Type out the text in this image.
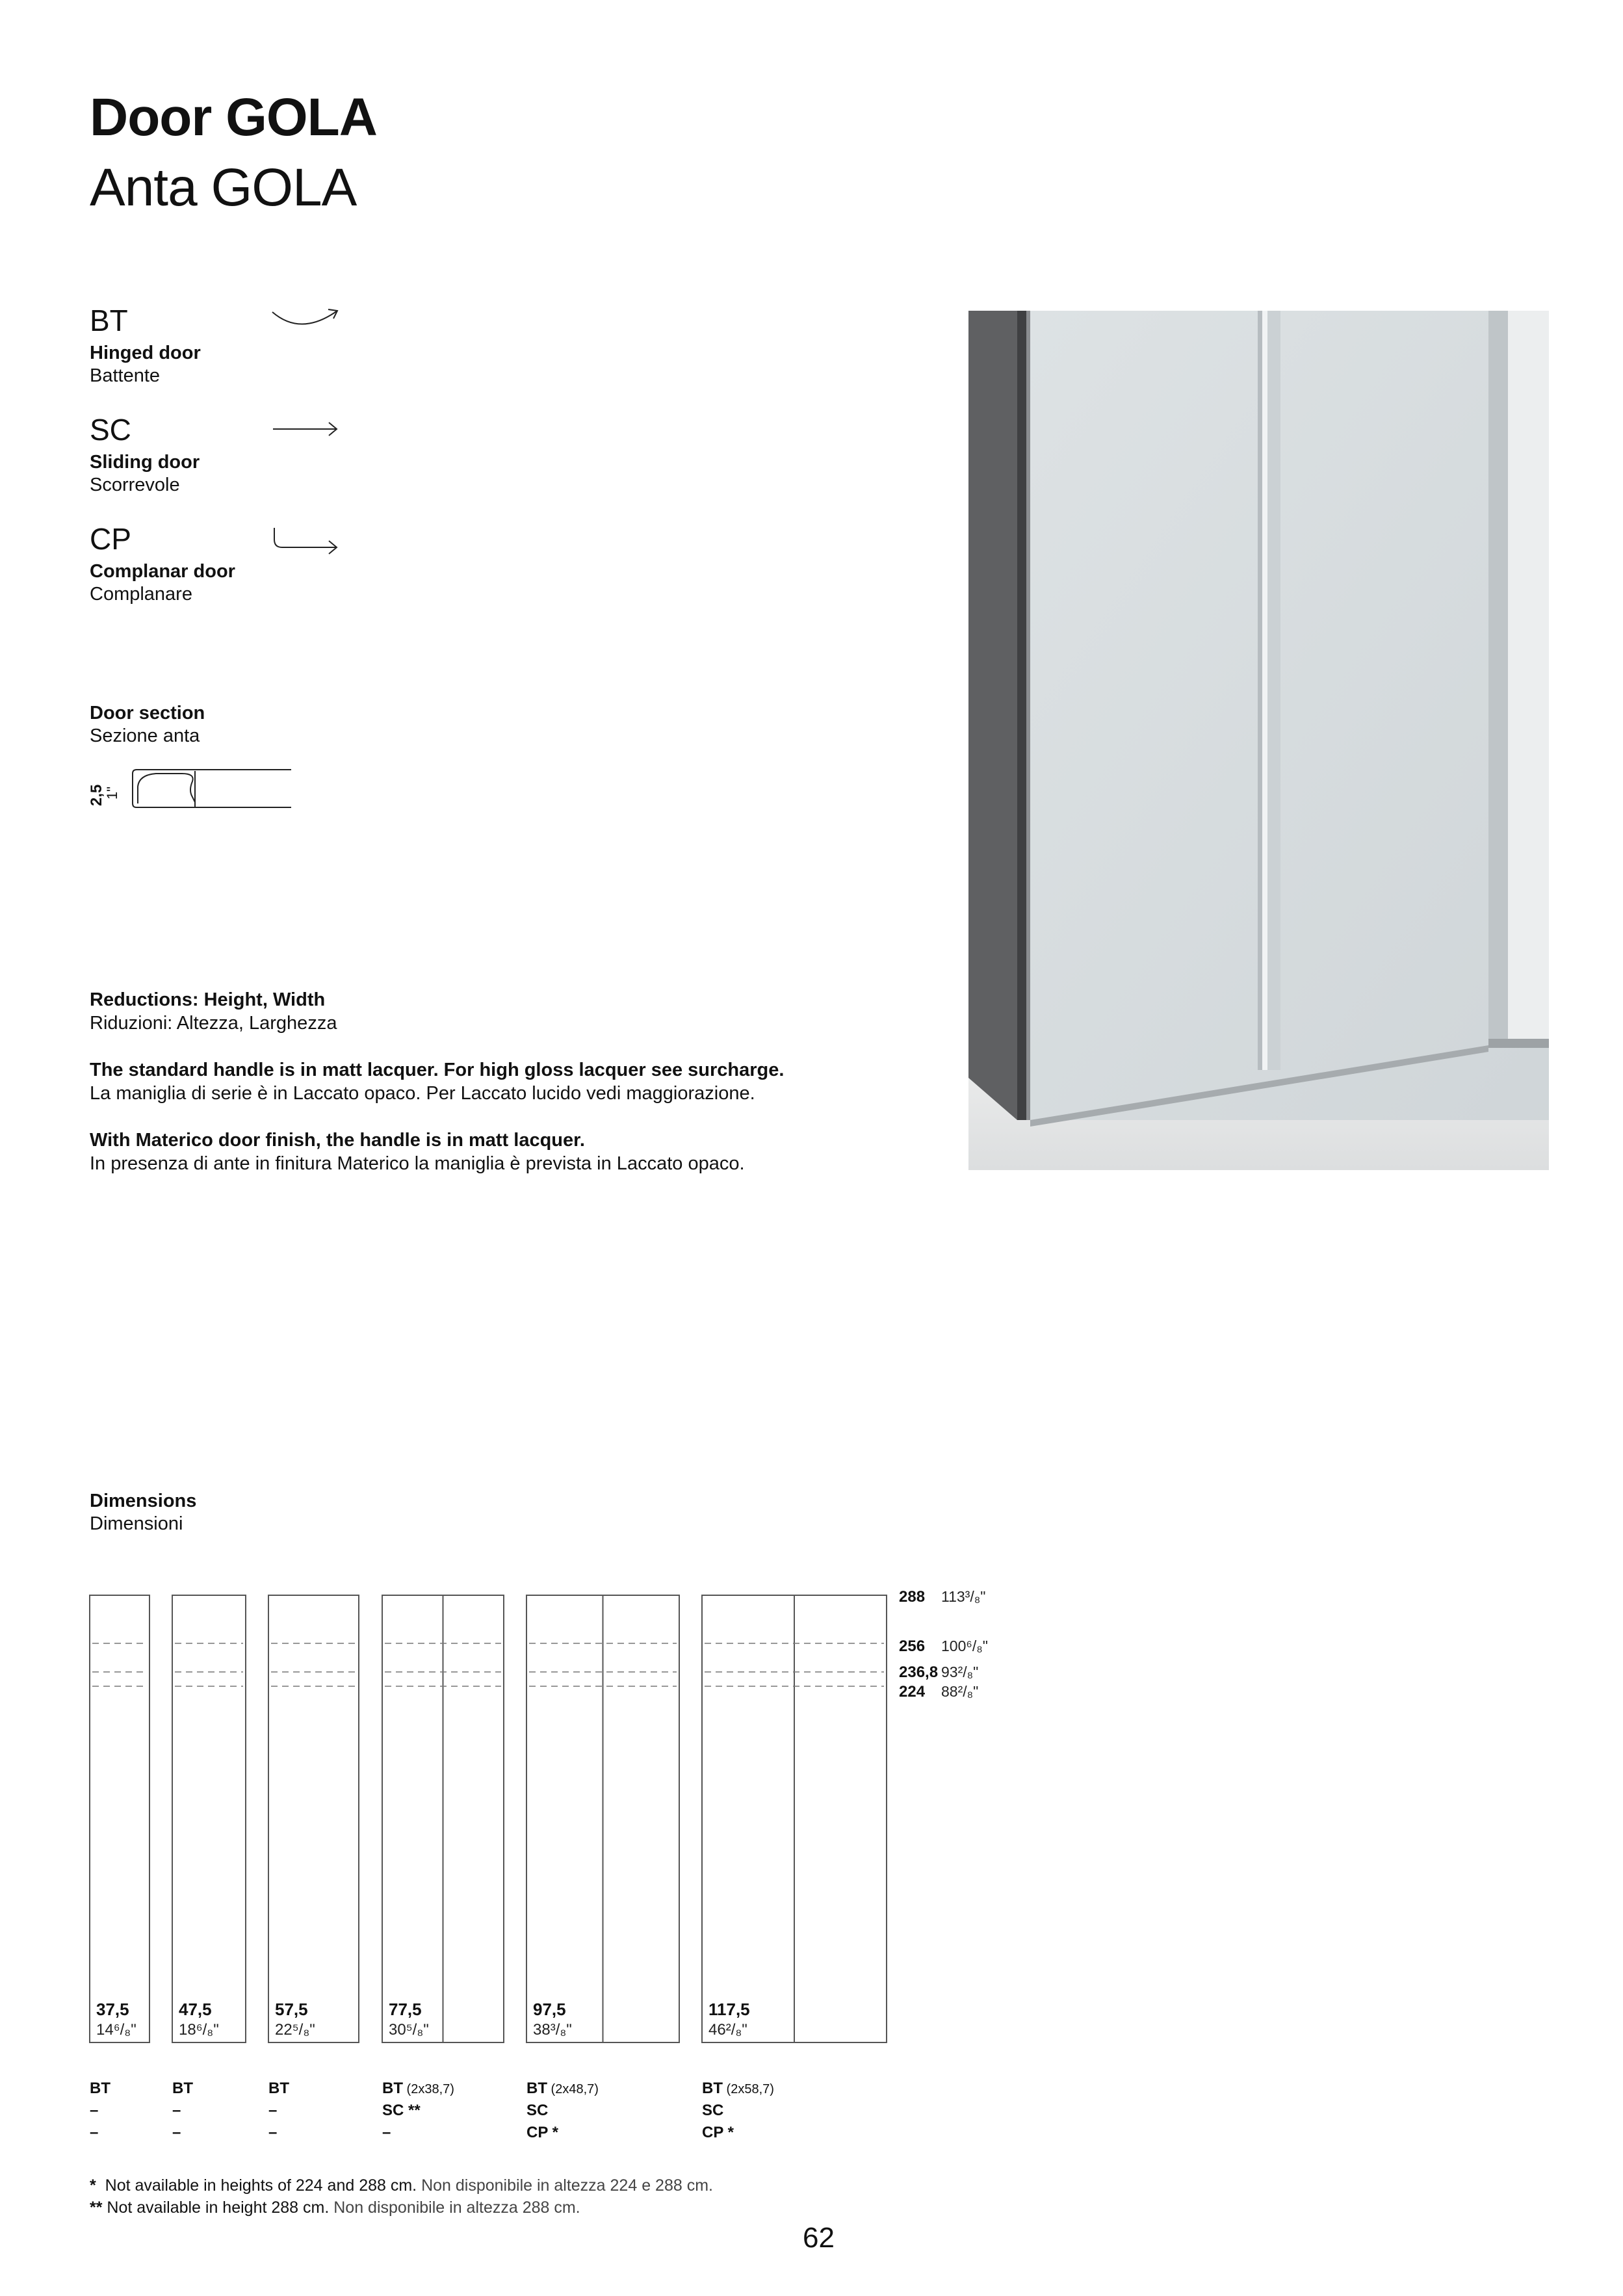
Door GOLA
Anta GOLA
BT
Hinged door
Battente
SC
Sliding door
Scorrevole
CP
Complanar door
Complanare
Door section
Sezione anta
2,5
1"
Reductions: Height, Width
Riduzioni: Altezza, Larghezza
The standard handle is in matt lacquer. For high gloss lacquer see surcharge.
La maniglia di serie è in Laccato opaco. Per Laccato lucido vedi maggiorazione.
With Materico door finish, the handle is in matt lacquer.
In presenza di ante in finitura Materico la maniglia è prevista in Laccato opaco.
Dimensions
Dimensioni
37,5
14⁶/₈"
BT
–
–
47,5
18⁶/₈"
BT
–
–
57,5
22⁵/₈"
BT
–
–
77,5
30⁵/₈"
BT (2x38,7)
SC **
–
97,5
38³/₈"
BT (2x48,7)
SC
CP *
117,5
46²/₈"
BT (2x58,7)
SC
CP *
288 113³/₈"
256 100⁶/₈"
236,8 93²/₈"
224 88²/₈"
* Not available in heights of 224 and 288 cm. Non disponibile in altezza 224 e 288 cm.
** Not available in height 288 cm. Non disponibile in altezza 288 cm.
62
